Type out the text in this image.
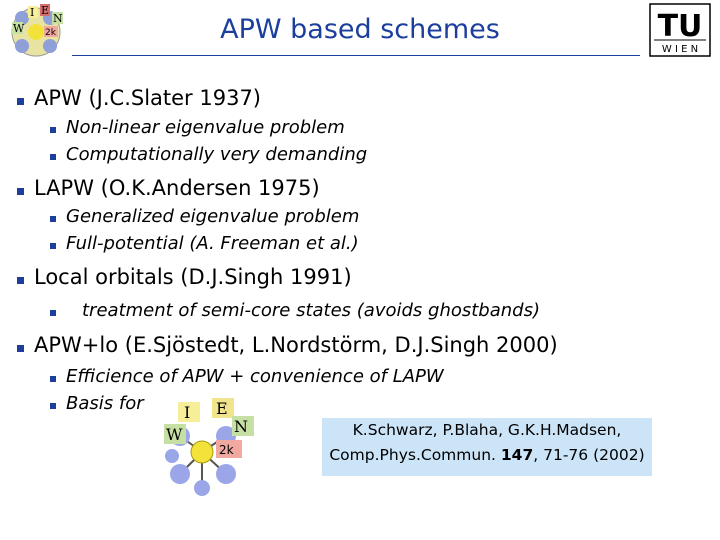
I E
W
N
2k	TU
W I E N
APW based schemes
APW (J.C.Slater 1937)
Non-linear eigenvalue problem
Computationally very demanding
LAPW (O.K.Andersen 1975)
Generalized eigenvalue problem
Full-potential (A. Freeman et al.)
Local orbitals (D.J.Singh 1991)
treatment of semi-core states (avoids ghostbands)
APW+lo (E.Sjöstedt, L.Nordstörm, D.J.Singh 2000)
Efficience of APW + convenience of LAPW
Basis for	I E
W	N
2k
K.Schwarz, P.Blaha, G.K.H.Madsen,
Comp.Phys.Commun. 147, 71-76 (2002)
